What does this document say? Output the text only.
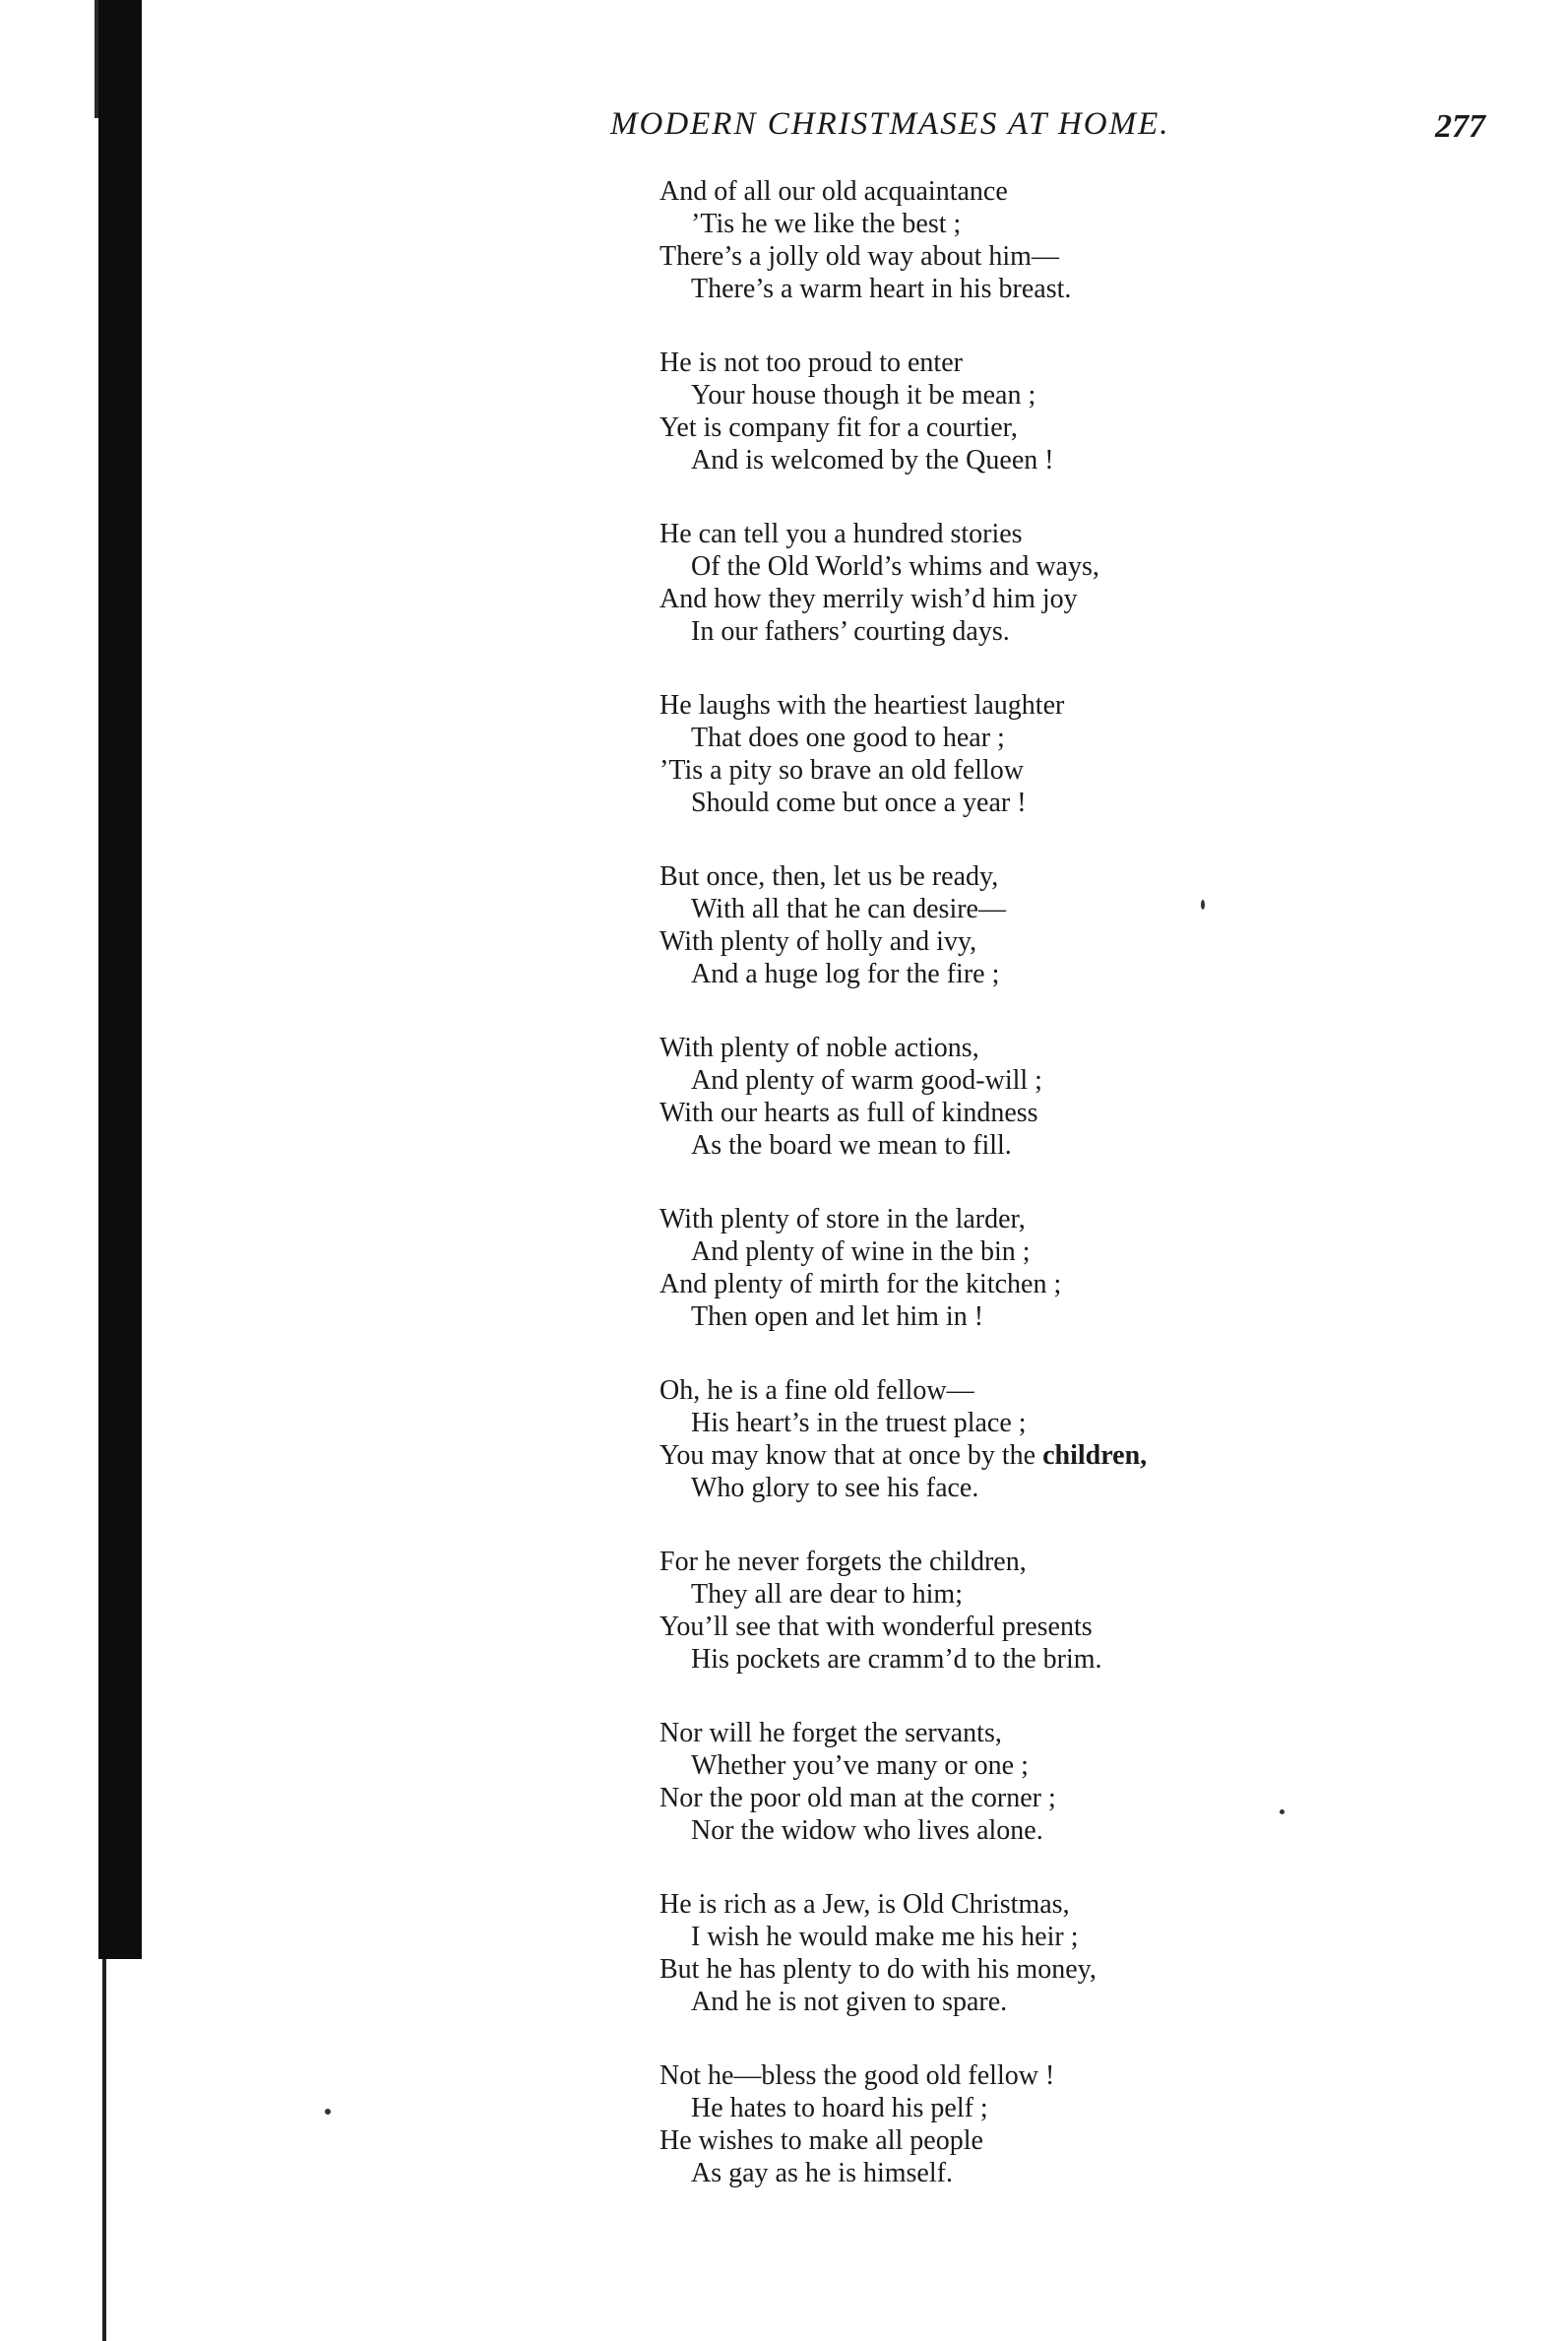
MODERN CHRISTMASES AT HOME.	277
And of all our old acquaintance
’Tis he we like the best ;
There’s a jolly old way about him—
There’s a warm heart in his breast.
He is not too proud to enter
Your house though it be mean ;
Yet is company fit for a courtier,
And is welcomed by the Queen !
He can tell you a hundred stories
Of the Old World’s whims and ways,
And how they merrily wish’d him joy
In our fathers’ courting days.
He laughs with the heartiest laughter
That does one good to hear ;
’Tis a pity so brave an old fellow
Should come but once a year !
But once, then, let us be ready,
With all that he can desire—
With plenty of holly and ivy,
And a huge log for the fire ;
With plenty of noble actions,
And plenty of warm good-will ;
With our hearts as full of kindness
As the board we mean to fill.
With plenty of store in the larder,
And plenty of wine in the bin ;
And plenty of mirth for the kitchen ;
Then open and let him in !
Oh, he is a fine old fellow—
His heart’s in the truest place ;
You may know that at once by the children,
Who glory to see his face.
For he never forgets the children,
They all are dear to him;
You’ll see that with wonderful presents
His pockets are cramm’d to the brim.
Nor will he forget the servants,
Whether you’ve many or one ;
Nor the poor old man at the corner ;
Nor the widow who lives alone.
He is rich as a Jew, is Old Christmas,
I wish he would make me his heir ;
But he has plenty to do with his money,
And he is not given to spare.
Not he—bless the good old fellow !
He hates to hoard his pelf ;
He wishes to make all people
As gay as he is himself.
